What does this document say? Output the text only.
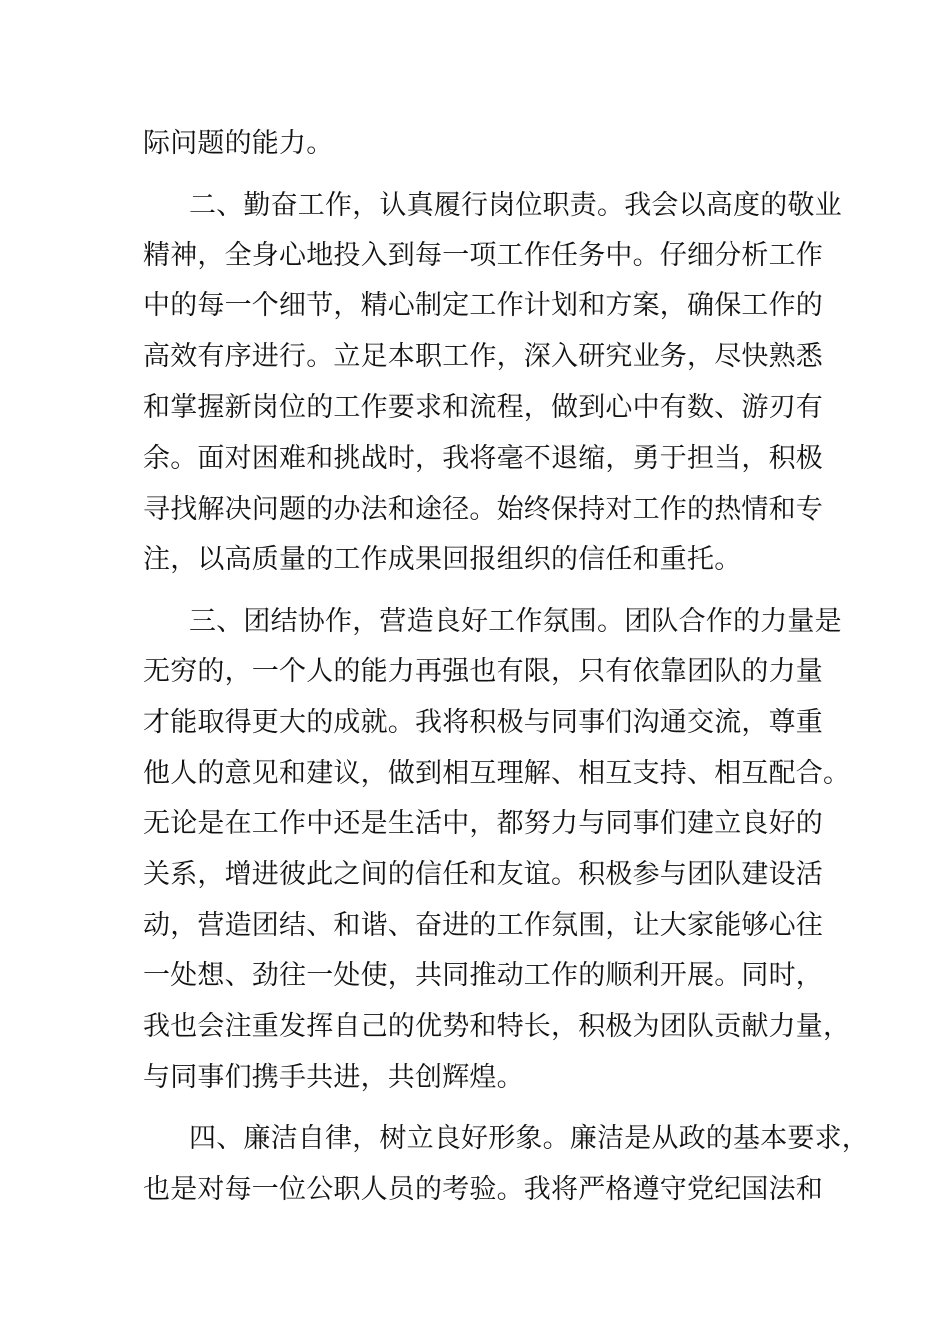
际问题的能力。
二、勤奋工作，认真履行岗位职责。我会以高度的敬业
精神，全身心地投入到每一项工作任务中。仔细分析工作
中的每一个细节，精心制定工作计划和方案，确保工作的
高效有序进行。立足本职工作，深入研究业务，尽快熟悉
和掌握新岗位的工作要求和流程，做到心中有数、游刃有
余。面对困难和挑战时，我将毫不退缩，勇于担当，积极
寻找解决问题的办法和途径。始终保持对工作的热情和专
注，以高质量的工作成果回报组织的信任和重托。
三、团结协作，营造良好工作氛围。团队合作的力量是
无穷的，一个人的能力再强也有限，只有依靠团队的力量
才能取得更大的成就。我将积极与同事们沟通交流，尊重
他人的意见和建议，做到相互理解、相互支持、相互配合。
无论是在工作中还是生活中，都努力与同事们建立良好的
关系，增进彼此之间的信任和友谊。积极参与团队建设活
动，营造团结、和谐、奋进的工作氛围，让大家能够心往
一处想、劲往一处使，共同推动工作的顺利开展。同时，
我也会注重发挥自己的优势和特长，积极为团队贡献力量，
与同事们携手共进，共创辉煌。
四、廉洁自律，树立良好形象。廉洁是从政的基本要求，
也是对每一位公职人员的考验。我将严格遵守党纪国法和
